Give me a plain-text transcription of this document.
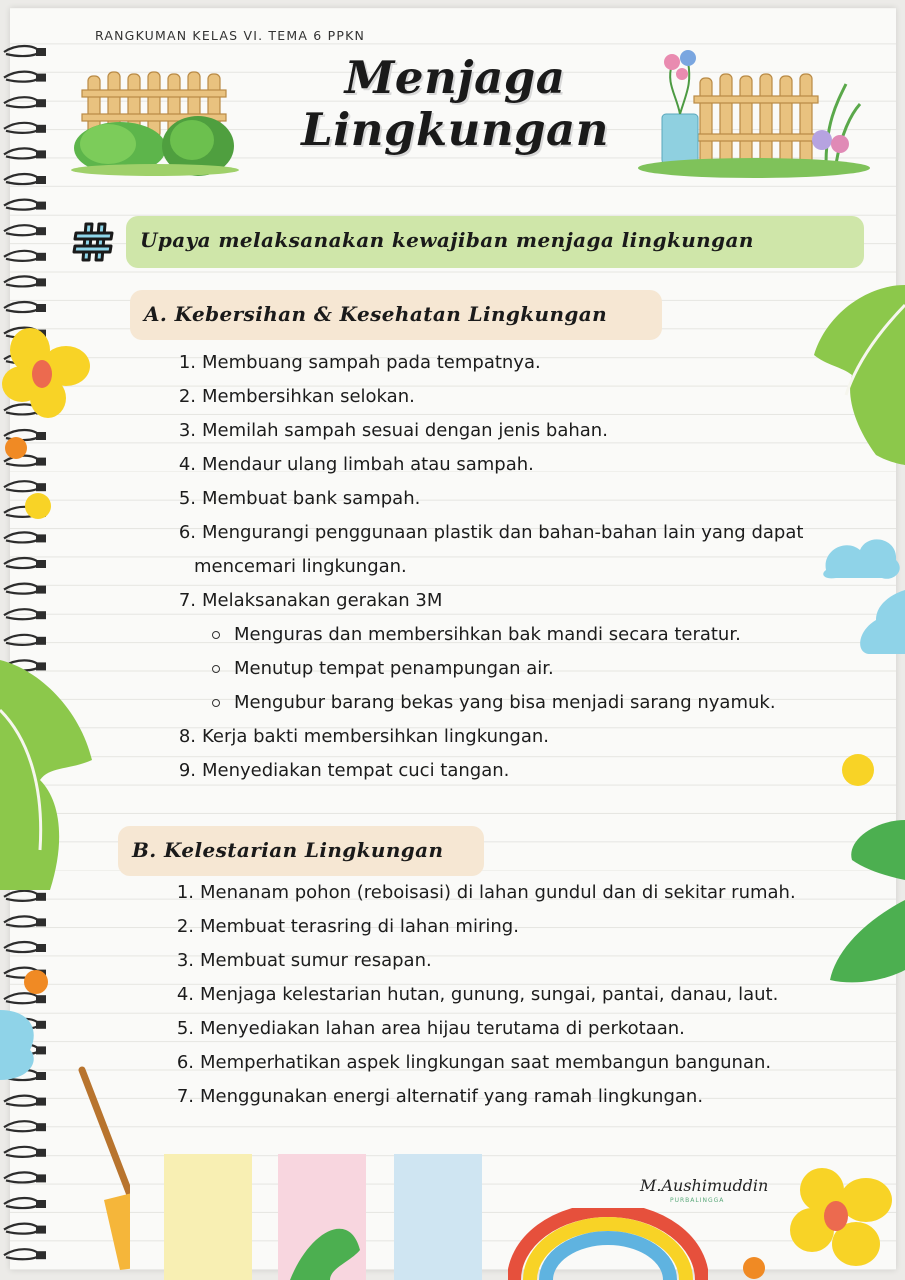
RANGKUMAN KELAS VI. TEMA 6 PPKN
Menjaga
Lingkungan
Upaya melaksanakan kewajiban menjaga lingkungan
A. Kebersihan & Kesehatan Lingkungan
1. Membuang sampah pada tempatnya.
2. Membersihkan selokan.
3. Memilah sampah sesuai dengan jenis bahan.
4. Mendaur ulang limbah atau sampah.
5. Membuat bank sampah.
6. Mengurangi penggunaan plastik dan bahan-bahan lain yang dapat
mencemari lingkungan.
7. Melaksanakan gerakan 3M
Menguras dan membersihkan bak mandi secara teratur.
Menutup tempat penampungan air.
Mengubur barang bekas yang bisa menjadi sarang nyamuk.
8. Kerja bakti membersihkan lingkungan.
9. Menyediakan tempat cuci tangan.
B. Kelestarian Lingkungan
1. Menanam pohon (reboisasi) di lahan gundul dan di sekitar rumah.
2. Membuat terasring di lahan miring.
3. Membuat sumur resapan.
4. Menjaga kelestarian hutan, gunung, sungai, pantai, danau, laut.
5. Menyediakan lahan area hijau terutama di perkotaan.
6. Memperhatikan aspek lingkungan saat membangun bangunan.
7. Menggunakan energi alternatif yang ramah lingkungan.
M.Aushimuddin
PURBALINGGA
